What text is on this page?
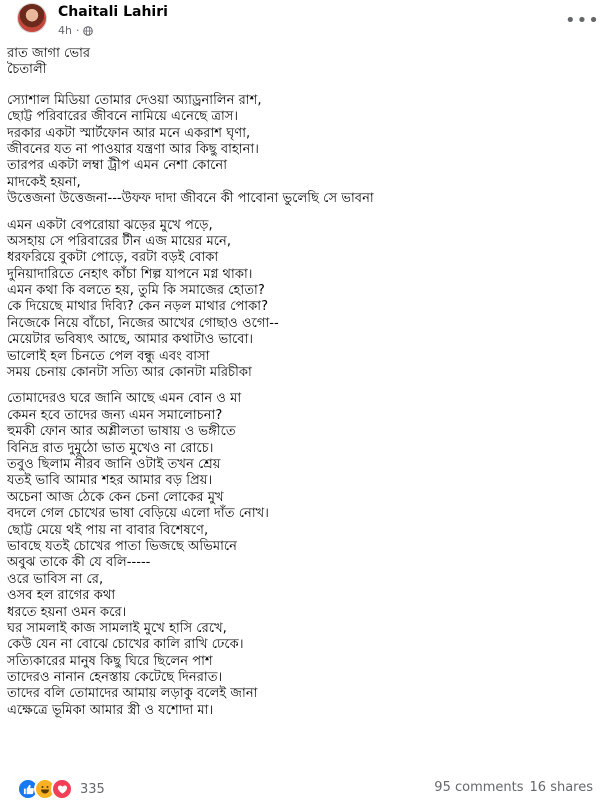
Chaitali Lahiri
4h ·	•••
রাত জাগা ভোর
চৈতালী
স্যোশাল মিডিয়া তোমার দেওয়া অ্যাড্রনালিন রাশ,
ছোট্ট পরিবারের জীবনে নামিয়ে এনেছে ত্রাস।
দরকার একটা স্মার্টফোন আর মনে একরাশ ঘৃণা,
জীবনের যত না পাওয়ার যন্ত্রণা আর কিছু বাহানা।
তারপর একটা লম্বা ট্রীপ এমন নেশা কোনো
মাদকেই হয়না,
উত্তেজনা উত্তেজনা---উফফ দাদা জীবনে কী পাবোনা ভুলেছি সে ভাবনা
এমন একটা বেপরোয়া ঝড়ের মুখে পড়ে,
অসহায় সে পরিবারের টীন এজ মায়ের মনে,
ধরফরিয়ে বুকটা পোড়ে, বরটা বড়ই বোকা
দুনিয়াদারিতে নেহাৎ কাঁচা শিল্প যাপনে মগ্ন থাকা।
এমন কথা কি বলতে হয়, তুমি কি সমাজের হোতা?
কে দিয়েছে মাথার দিব্যি? কেন নড়ল মাথার পোকা?
নিজেকে নিয়ে বাঁচো, নিজের আখের গোছাও ওগো--
মেয়েটার ভবিষ্যৎ আছে, আমার কথাটাও ভাবো।
ভালোই হল চিনতে পেল বন্ধু এবং বাসা
সময় চেনায় কোনটা সত্যি আর কোনটা মরিচীকা
তোমাদেরও ঘরে জানি আছে এমন বোন ও মা
কেমন হবে তাদের জন্য এমন সমালোচনা?
হুমকী ফোন আর অশ্লীলতা ভাষায় ও ভঙ্গীতে
বিনিদ্র রাত দুমুঠো ভাত মুখেও না রোচে।
তবুও ছিলাম নীরব জানি ওটাই তখন শ্রেয়
যতই ভাবি আমার শহর আমার বড় প্রিয়।
অচেনা আজ ঠেকে কেন চেনা লোকের মুখ
বদলে গেল চোখের ভাষা বেড়িয়ে এলো দাঁত নোখ।
ছোট্ট মেয়ে থই পায় না বাবার বিশেষণে,
ভাবছে যতই চোখের পাতা ভিজছে অভিমানে
অবুঝ তাকে কী যে বলি-----
ওরে ভাবিস না রে,
ওসব হল রাগের কথা
ধরতে হয়না ওমন করে।
ঘর সামলাই কাজ সামলাই মুখে হাসি রেখে,
কেউ যেন না বোঝে চোখের কালি রাখি ঢেকে।
সত্যিকারের মানুষ কিছু ঘিরে ছিলেন পাশ
তাদেরও নানান হেনস্তায় কেটেছে দিনরাত।
তাদের বলি তোমাদের আমায় লড়াকু বলেই জানা
এক্ষেত্রে ভূমিকা আমার স্ত্রী ও যশোদা মা।
335	95 comments 16 shares
